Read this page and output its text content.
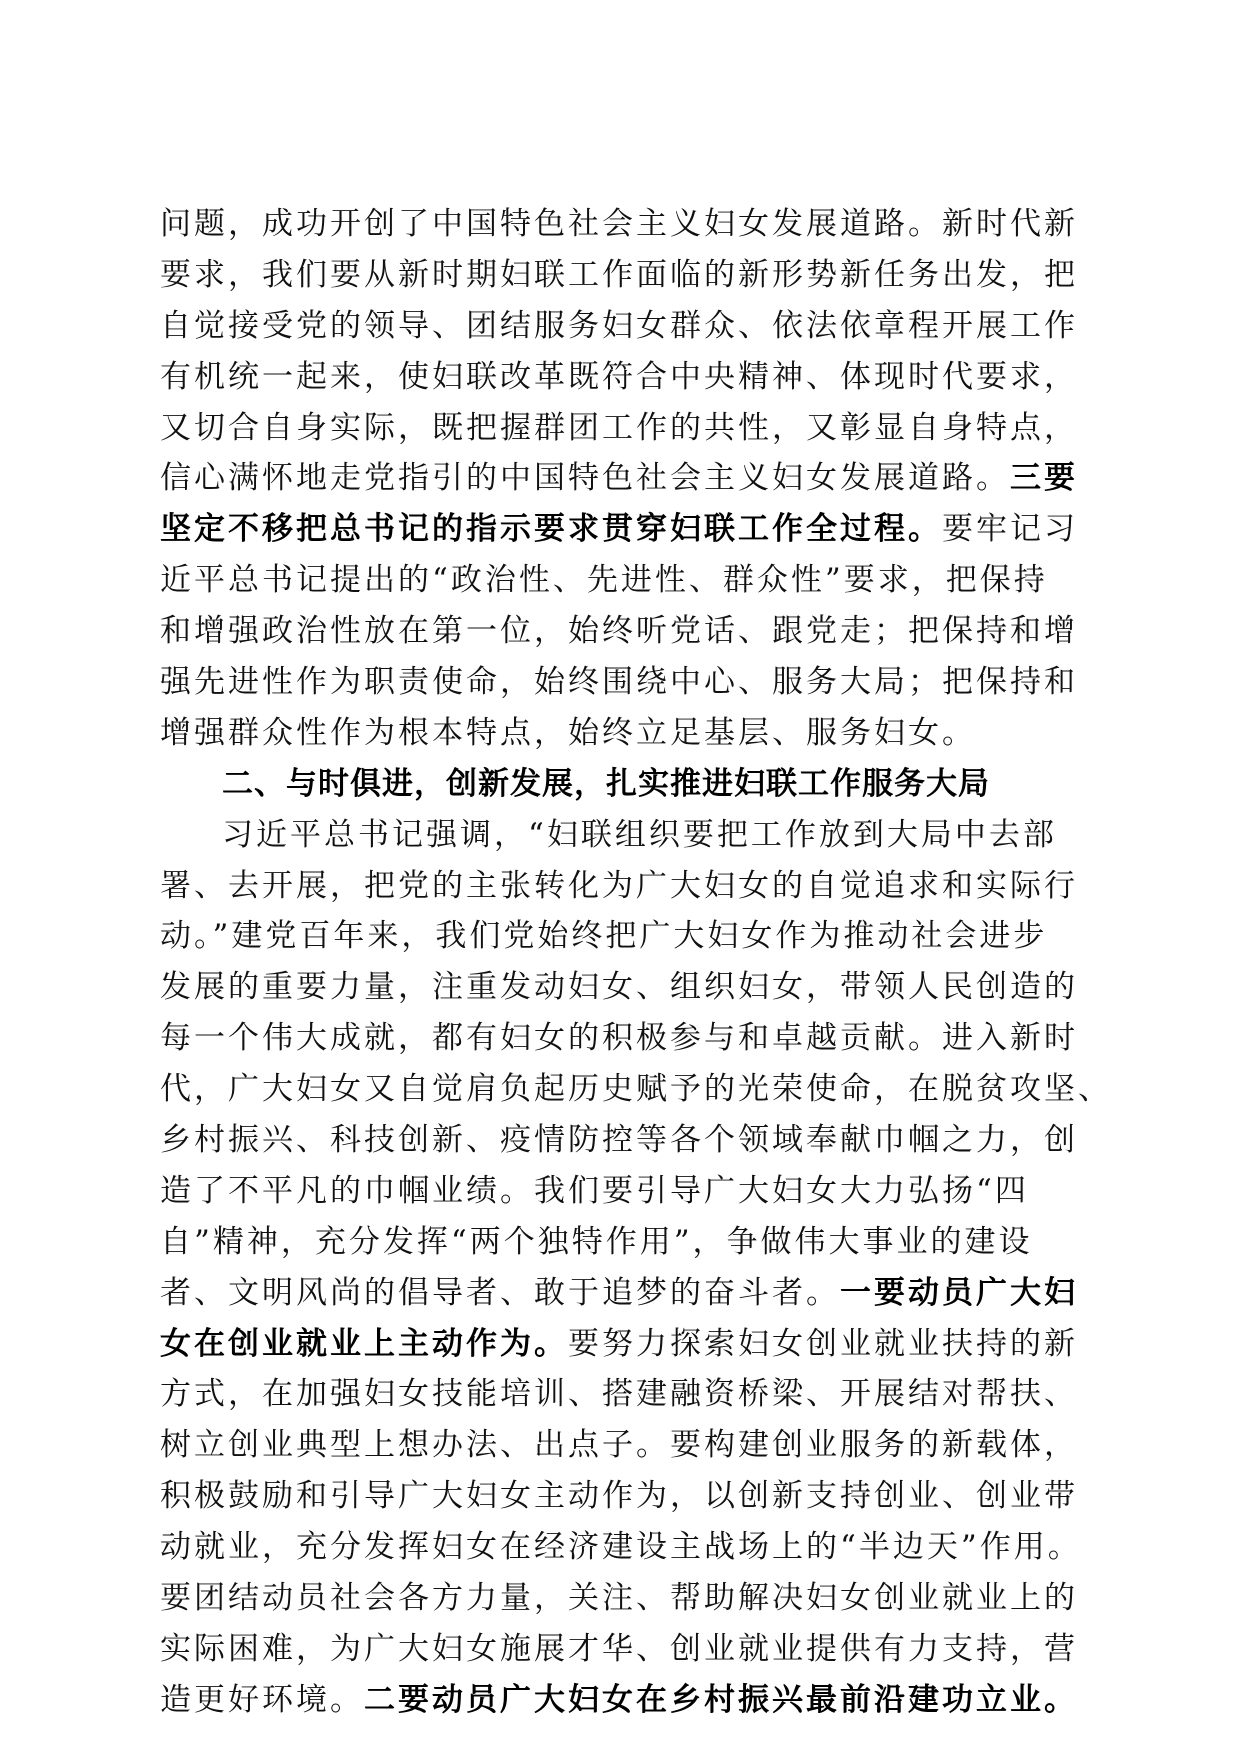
问题，成功开创了中国特色社会主义妇女发展道路。新时代新
要求，我们要从新时期妇联工作面临的新形势新任务出发，把
自觉接受党的领导、团结服务妇女群众、依法依章程开展工作
有机统一起来，使妇联改革既符合中央精神、体现时代要求，
又切合自身实际，既把握群团工作的共性，又彰显自身特点，
信心满怀地走党指引的中国特色社会主义妇女发展道路。三要
坚定不移把总书记的指示要求贯穿妇联工作全过程。要牢记习
近平总书记提出的“政治性、先进性、群众性”要求，把保持
和增强政治性放在第一位，始终听党话、跟党走；把保持和增
强先进性作为职责使命，始终围绕中心、服务大局；把保持和
增强群众性作为根本特点，始终立足基层、服务妇女。
二、与时俱进，创新发展，扎实推进妇联工作服务大局
习近平总书记强调，“妇联组织要把工作放到大局中去部
署、去开展，把党的主张转化为广大妇女的自觉追求和实际行
动。”建党百年来，我们党始终把广大妇女作为推动社会进步
发展的重要力量，注重发动妇女、组织妇女，带领人民创造的
每一个伟大成就，都有妇女的积极参与和卓越贡献。进入新时
代，广大妇女又自觉肩负起历史赋予的光荣使命，在脱贫攻坚、
乡村振兴、科技创新、疫情防控等各个领域奉献巾帼之力，创
造了不平凡的巾帼业绩。我们要引导广大妇女大力弘扬“四
自”精神，充分发挥“两个独特作用”，争做伟大事业的建设
者、文明风尚的倡导者、敢于追梦的奋斗者。一要动员广大妇
女在创业就业上主动作为。要努力探索妇女创业就业扶持的新
方式，在加强妇女技能培训、搭建融资桥梁、开展结对帮扶、
树立创业典型上想办法、出点子。要构建创业服务的新载体，
积极鼓励和引导广大妇女主动作为，以创新支持创业、创业带
动就业，充分发挥妇女在经济建设主战场上的“半边天”作用。
要团结动员社会各方力量，关注、帮助解决妇女创业就业上的
实际困难，为广大妇女施展才华、创业就业提供有力支持，营
造更好环境。二要动员广大妇女在乡村振兴最前沿建功立业。
